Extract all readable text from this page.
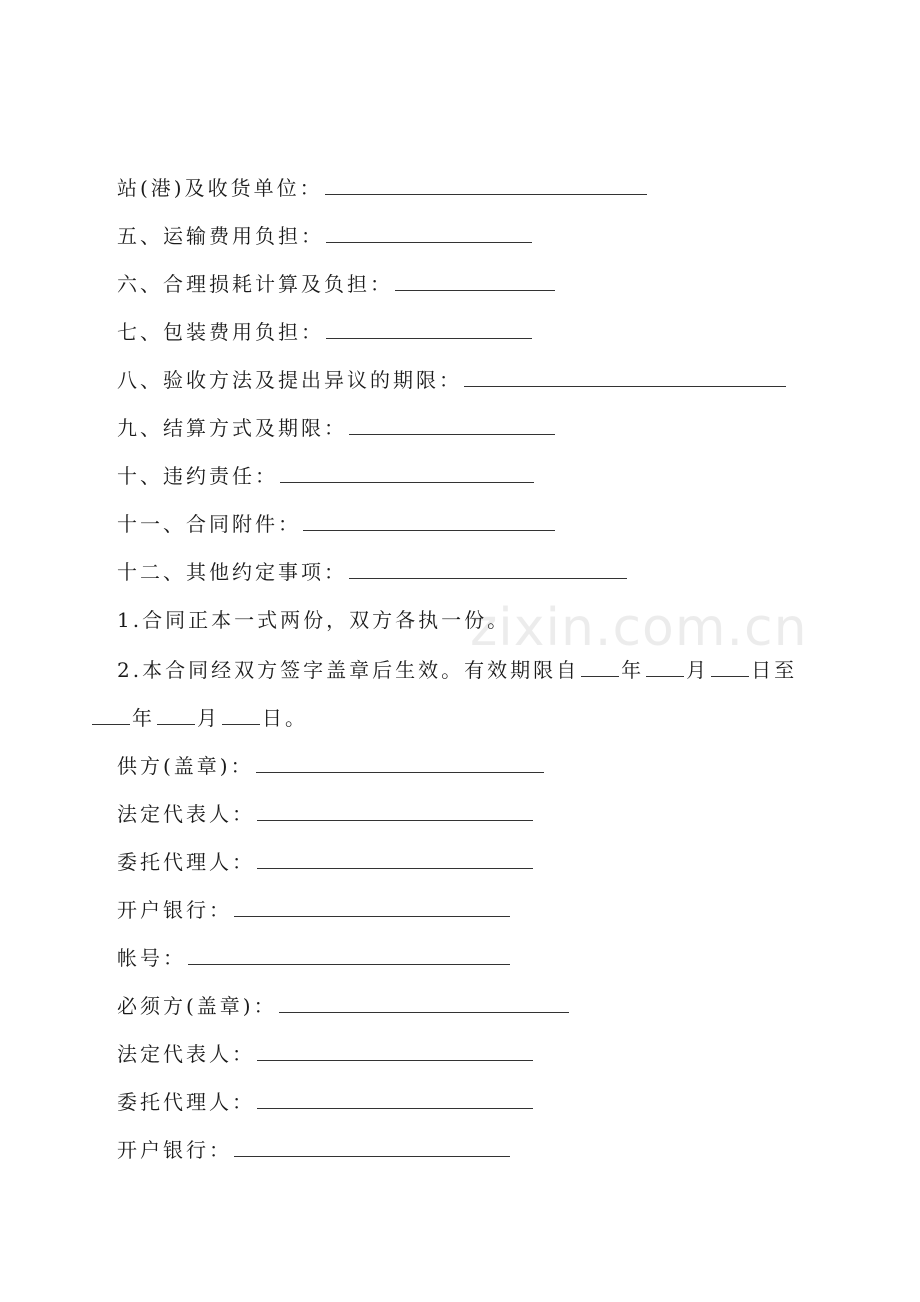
站(港)及收货单位：
五、运输费用负担：
六、合理损耗计算及负担：
七、包装费用负担：
八、验收方法及提出异议的期限：
九、结算方式及期限：
十、违约责任：
十一、合同附件：
十二、其他约定事项：
1.合同正本一式两份，双方各执一份。
2.本合同经双方签字盖章后生效。有效期限自 年 月 日至
年 月 日。
供方(盖章)：
法定代表人：
委托代理人：
开户银行：
帐号：
必须方(盖章)：
法定代表人：
委托代理人：
开户银行：
zixin.com.cn
